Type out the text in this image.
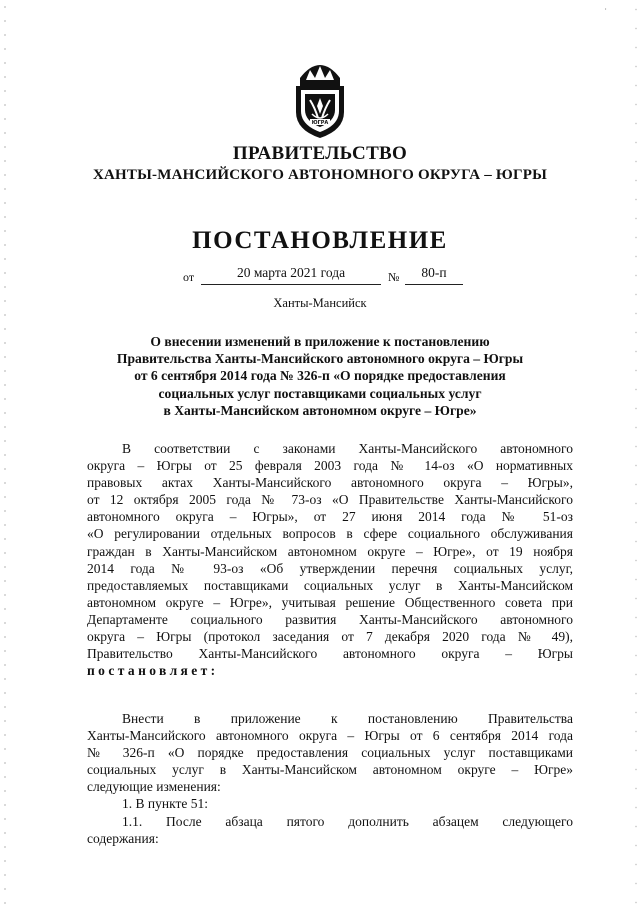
·
ЮГРА
ПРАВИТЕЛЬСТВО
ХАНТЫ-МАНСИЙСКОГО АВТОНОМНОГО ОКРУГА – ЮГРЫ
ПОСТАНОВЛЕНИЕ
от	20 марта 2021 года	№	80-п
Ханты-Мансийск
О внесении изменений в приложение к постановлению
Правительства Ханты-Мансийского автономного округа – Югры
от 6 сентября 2014 года № 326-п «О порядке предоставления
социальных услуг поставщиками социальных услуг
в Ханты-Мансийском автономном округе – Югре»
В соответствии с законами Ханты-Мансийского автономного
округа – Югры от 25 февраля 2003 года № 14-оз «О нормативных
правовых актах Ханты-Мансийского автономного округа – Югры»,
от 12 октября 2005 года № 73-оз «О Правительстве Ханты-Мансийского
автономного округа – Югры», от 27 июня 2014 года № 51-оз
«О регулировании отдельных вопросов в сфере социального обслуживания
граждан в Ханты-Мансийском автономном округе – Югре», от 19 ноября
2014 года № 93-оз «Об утверждении перечня социальных услуг,
предоставляемых поставщиками социальных услуг в Ханты-Мансийском
автономном округе – Югре», учитывая решение Общественного совета при
Департаменте социального развития Ханты-Мансийского автономного
округа – Югры (протокол заседания от 7 декабря 2020 года № 49),
Правительство Ханты-Мансийского автономного округа – Югры
постановляет:
Внести в приложение к постановлению Правительства
Ханты-Мансийского автономного округа – Югры от 6 сентября 2014 года
№ 326-п «О порядке предоставления социальных услуг поставщиками
социальных услуг в Ханты-Мансийском автономном округе – Югре»
следующие изменения:
1. В пункте 51:
1.1. После абзаца пятого дополнить абзацем следующего
содержания:
